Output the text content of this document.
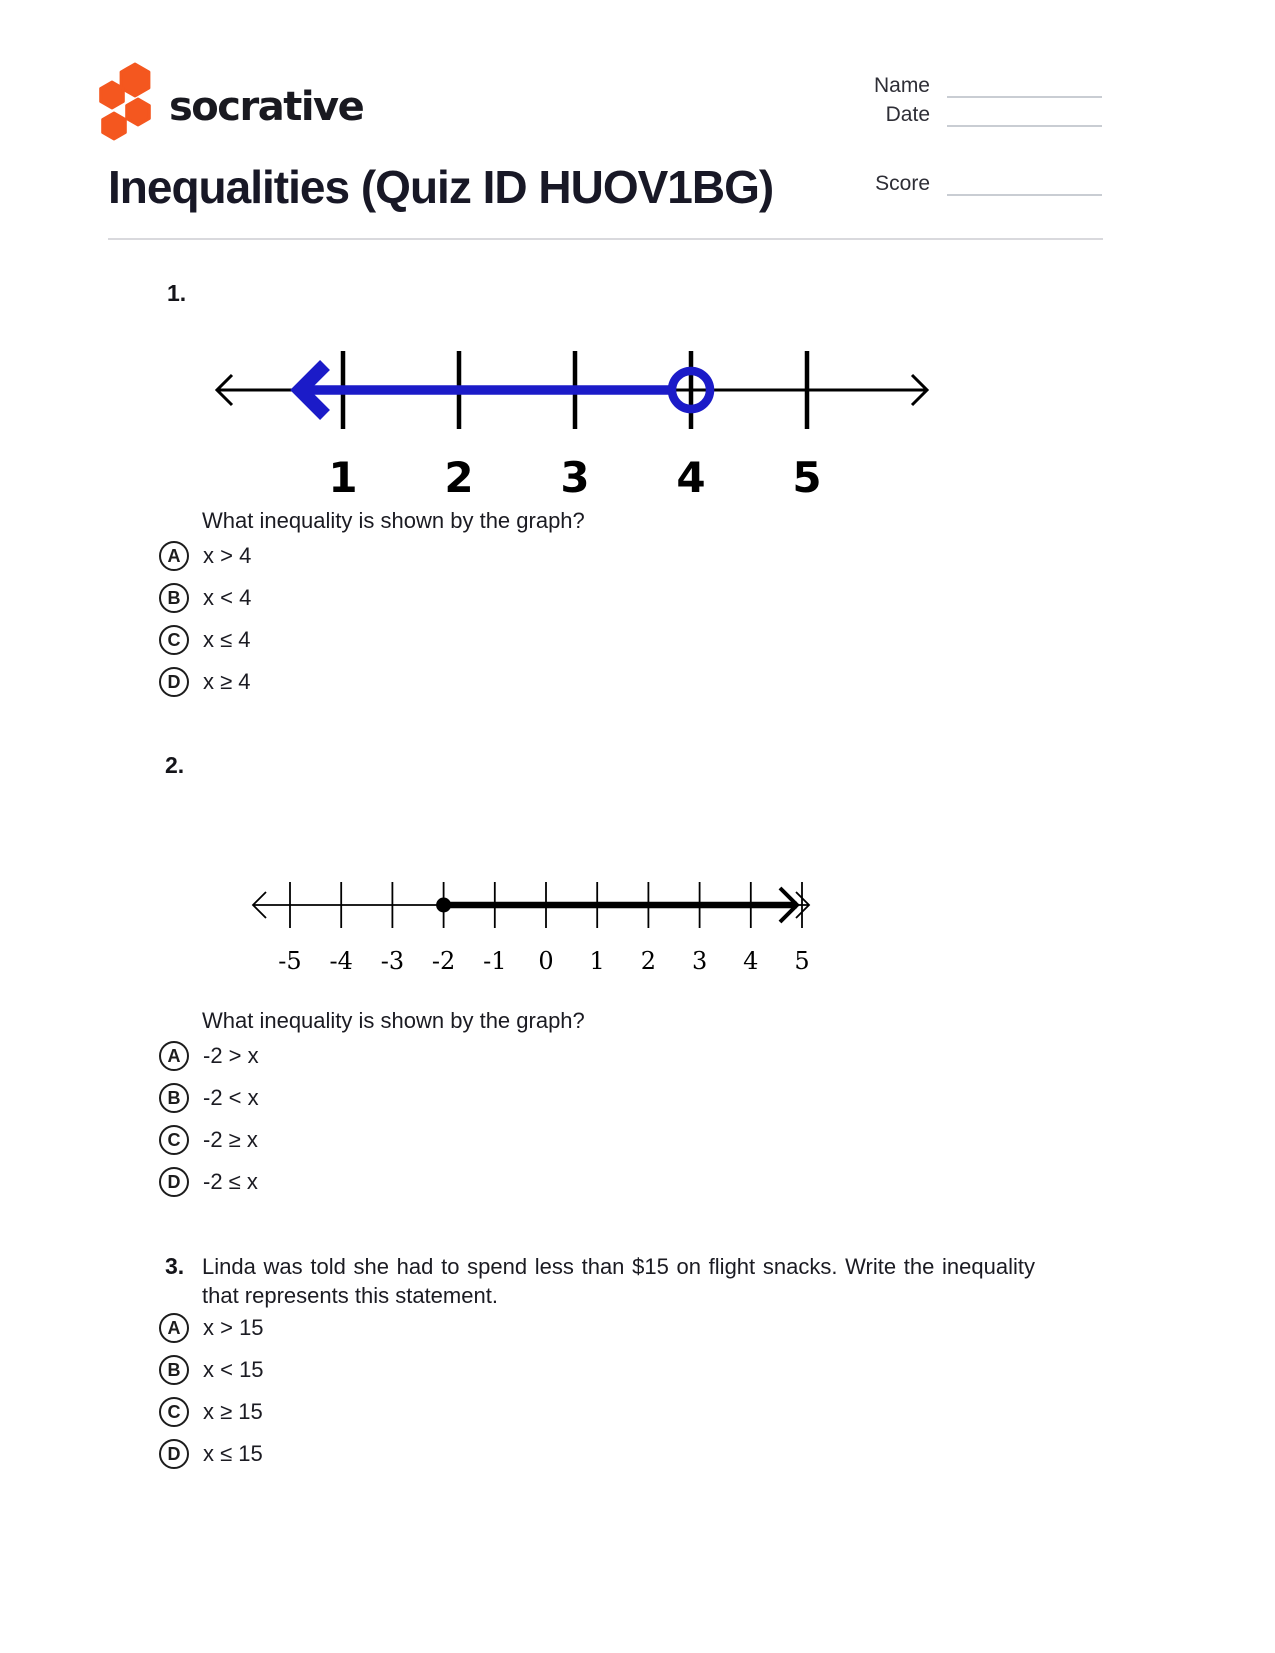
socrative	Name
Date
Score
Inequalities (Quiz ID HUOV1BG)
1.
1 2 3 4 5
What inequality is shown by the graph?
A	x > 4
B	x < 4
C	x ≤ 4
D	x ≥ 4
2.
-5 -4 -3 -2 -1 0 1 2 3 4 5
What inequality is shown by the graph?
A	-2 > x
B	-2 < x
C	-2 ≥ x
D	-2 ≤ x
3. Linda was told she had to spend less than $15 on flight snacks. Write the inequality that represents this statement.
A	x > 15
B	x < 15
C	x ≥ 15
D	x ≤ 15
